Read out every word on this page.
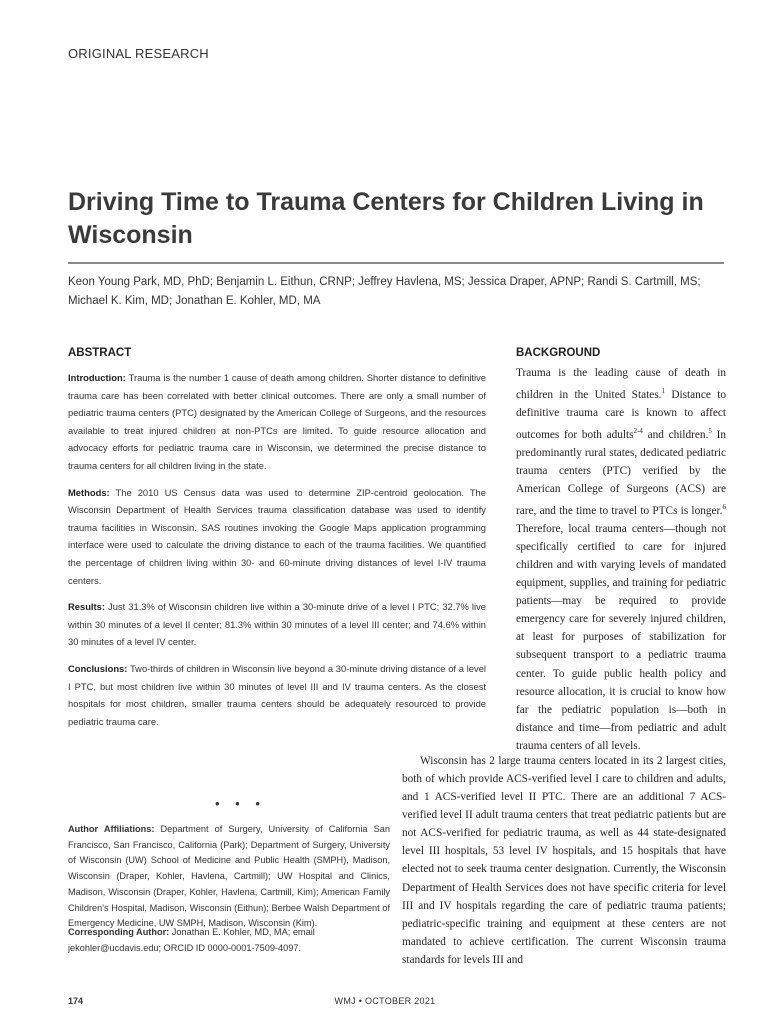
ORIGINAL RESEARCH
Driving Time to Trauma Centers for Children Living in Wisconsin
Keon Young Park, MD, PhD; Benjamin L. Eithun, CRNP; Jeffrey Havlena, MS; Jessica Draper, APNP; Randi S. Cartmill, MS; Michael K. Kim, MD; Jonathan E. Kohler, MD, MA
ABSTRACT

Introduction: Trauma is the number 1 cause of death among children. Shorter distance to definitive trauma care has been correlated with better clinical outcomes. There are only a small number of pediatric trauma centers (PTC) designated by the American College of Surgeons, and the resources available to treat injured children at non-PTCs are limited. To guide resource allocation and advocacy efforts for pediatric trauma care in Wisconsin, we determined the precise distance to trauma centers for all children living in the state.

Methods: The 2010 US Census data was used to determine ZIP-centroid geolocation. The Wisconsin Department of Health Services trauma classification database was used to identify trauma facilities in Wisconsin. SAS routines invoking the Google Maps application programming interface were used to calculate the driving distance to each of the trauma facilities. We quantified the percentage of children living within 30- and 60-minute driving distances of level I-IV trauma centers.

Results: Just 31.3% of Wisconsin children live within a 30-minute drive of a level I PTC; 32.7% live within 30 minutes of a level II center; 81.3% within 30 minutes of a level III center; and 74.6% within 30 minutes of a level IV center.

Conclusions: Two-thirds of children in Wisconsin live beyond a 30-minute driving distance of a level I PTC, but most children live within 30 minutes of level III and IV trauma centers. As the closest hospitals for most children, smaller trauma centers should be adequately resourced to provide pediatric trauma care.

• • •

Author Affiliations: Department of Surgery, University of California San Francisco, San Francisco, California (Park); Department of Surgery, University of Wisconsin (UW) School of Medicine and Public Health (SMPH), Madison, Wisconsin (Draper, Kohler, Havlena, Cartmill); UW Hospital and Clinics, Madison, Wisconsin (Draper, Kohler, Havlena, Cartmill, Kim); American Family Children's Hospital, Madison, Wisconsin (Eithun); Berbee Walsh Department of Emergency Medicine, UW SMPH, Madison, Wisconsin (Kim).

Corresponding Author: Jonathan E. Kohler, MD, MA; email jekohler@ucdavis.edu; ORCID ID 0000-0001-7509-4097.

BACKGROUND

Trauma is the leading cause of death in children in the United States.$^1$ Distance to definitive trauma care is known to affect outcomes for both adults$^{2-4}$ and children.$^5$ In predominantly rural states, dedicated pediatric trauma centers (PTC) verified by the American College of Surgeons (ACS) are rare, and the time to travel to PTCs is longer.$^6$ Therefore, local trauma centers—though not specifically certified to care for injured children and with varying levels of mandated equipment, supplies, and training for pediatric patients—may be required to provide emergency care for severely injured children, at least for purposes of stabilization for subsequent transport to a pediatric trauma center. To guide public health policy and resource allocation, it is crucial to know how far the pediatric population is—both in distance and time—from pediatric and adult trauma centers of all levels.

Wisconsin has 2 large trauma centers located in its 2 largest cities, both of which provide ACS-verified level I care to children and adults, and 1 ACS-verified level II PTC. There are an additional 7 ACS-verified level II adult trauma centers that treat pediatric patients but are not ACS-verified for pediatric trauma, as well as 44 state-designated level III hospitals, 53 level IV hospitals, and 15 hospitals that have elected not to seek trauma center designation. Currently, the Wisconsin Department of Health Services does not have specific criteria for level III and IV hospitals regarding the care of pediatric trauma patients; pediatric-specific training and equipment at these centers are not mandated to achieve certification. The current Wisconsin trauma standards for levels III and

174	WMJ • OCTOBER 2021
